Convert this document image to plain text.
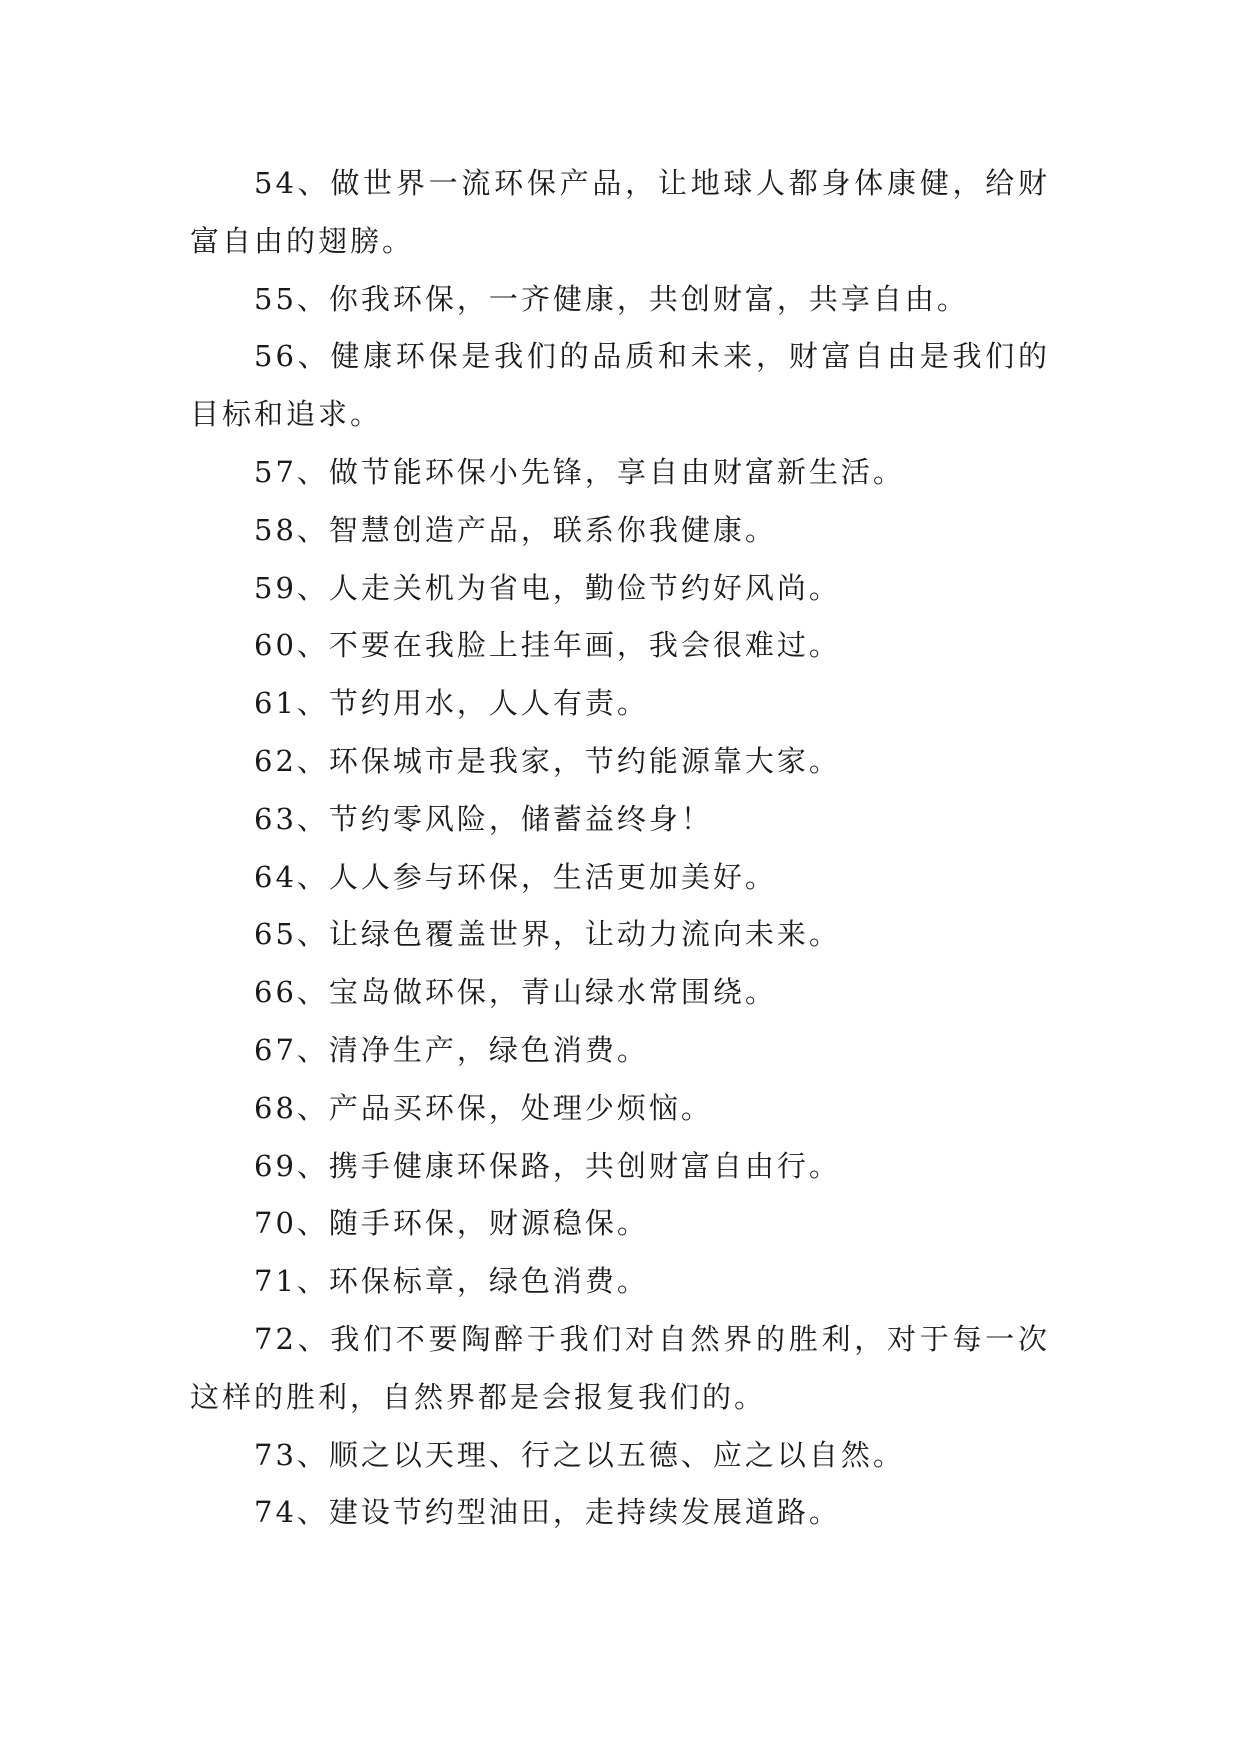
54、做世界一流环保产品，让地球人都身体康健，给财富自由的翅膀。

55、你我环保，一齐健康，共创财富，共享自由。

56、健康环保是我们的品质和未来，财富自由是我们的目标和追求。

57、做节能环保小先锋，享自由财富新生活。

58、智慧创造产品，联系你我健康。

59、人走关机为省电，勤俭节约好风尚。

60、不要在我脸上挂年画，我会很难过。

61、节约用水，人人有责。

62、环保城市是我家，节约能源靠大家。

63、节约零风险，储蓄益终身！

64、人人参与环保，生活更加美好。

65、让绿色覆盖世界，让动力流向未来。

66、宝岛做环保，青山绿水常围绕。

67、清净生产，绿色消费。

68、产品买环保，处理少烦恼。

69、携手健康环保路，共创财富自由行。

70、随手环保，财源稳保。

71、环保标章，绿色消费。

72、我们不要陶醉于我们对自然界的胜利，对于每一次这样的胜利，自然界都是会报复我们的。

73、顺之以天理、行之以五德、应之以自然。

74、建设节约型油田，走持续发展道路。
